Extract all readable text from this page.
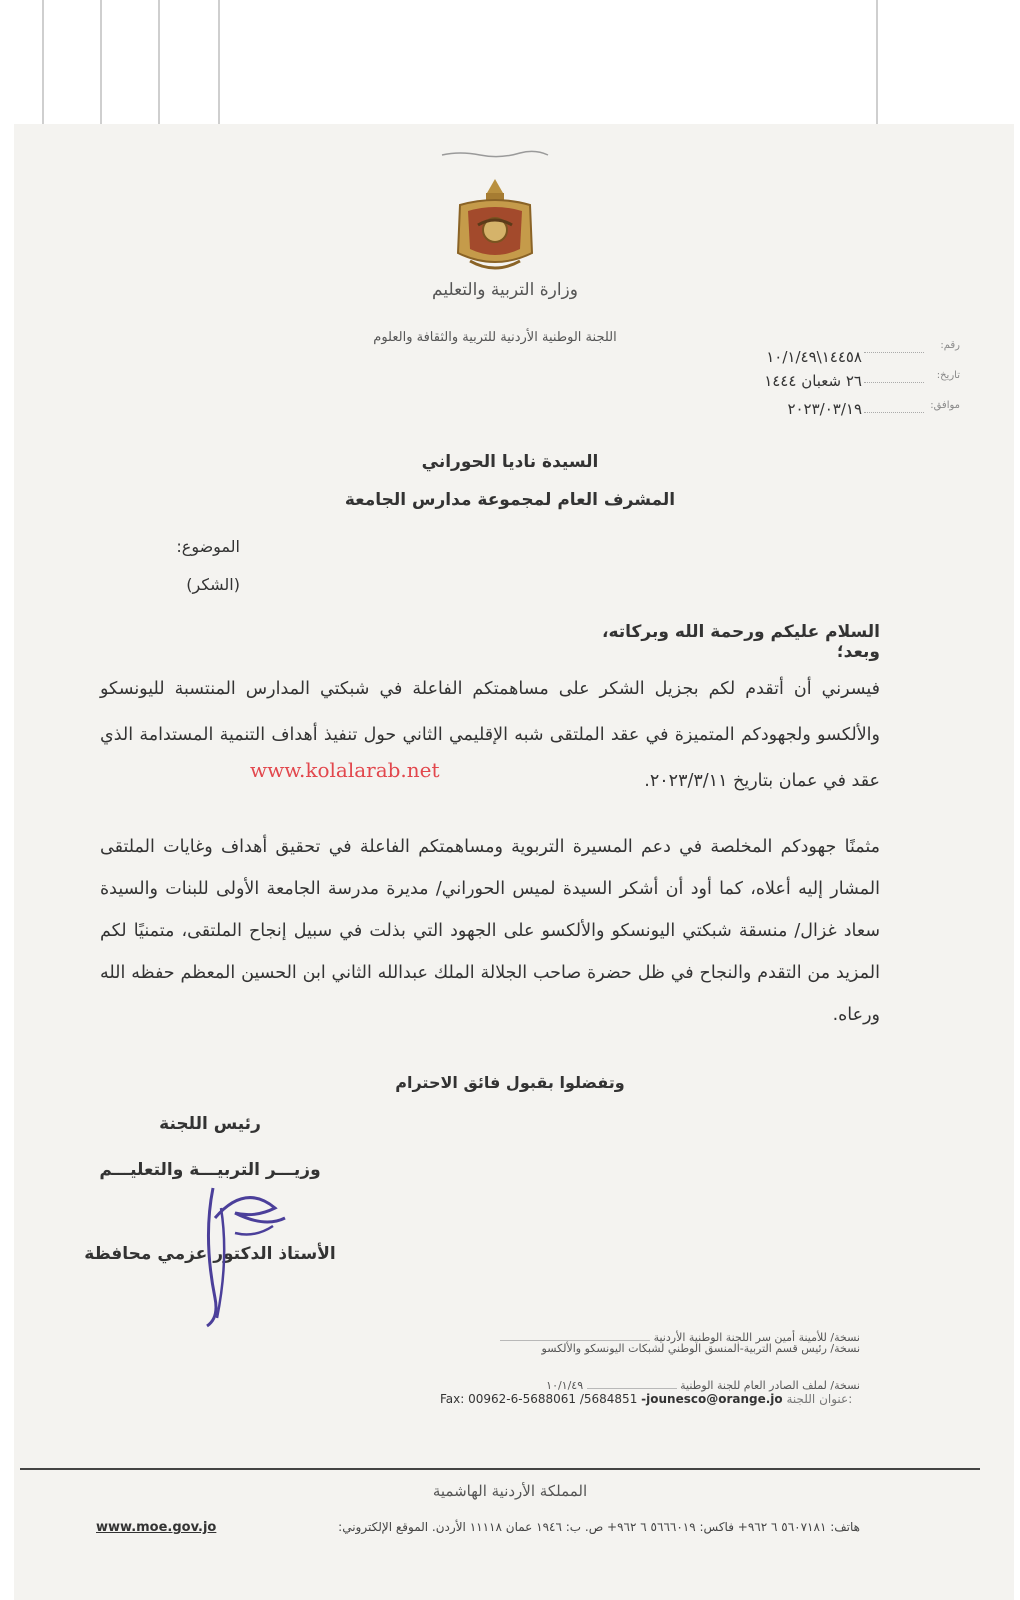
وزارة التربية والتعليم
اللجنة الوطنية الأردنية للتربية والثقافة والعلوم
رقم:
١٤٤٥٨\١٠/١/٤٩
تاريخ:
٢٦ شعبان ١٤٤٤
موافق:
٢٠٢٣/٠٣/١٩
السيدة ناديا الحوراني
المشرف العام لمجموعة مدارس الجامعة
الموضوع:
(الشكر)
السلام عليكم ورحمة الله وبركاته، وبعد؛
فيسرني أن أتقدم لكم بجزيل الشكر على مساهمتكم الفاعلة في شبكتي المدارس المنتسبة لليونسكو والألكسو ولجهودكم المتميزة في عقد الملتقى شبه الإقليمي الثاني حول تنفيذ أهداف التنمية المستدامة الذي عقد في عمان بتاريخ ٢٠٢٣/٣/١١.
www.kolalarab.net
مثمنًا جهودكم المخلصة في دعم المسيرة التربوية ومساهمتكم الفاعلة في تحقيق أهداف وغايات الملتقى المشار إليه أعلاه، كما أود أن أشكر السيدة لميس الحوراني/ مديرة مدرسة الجامعة الأولى للبنات والسيدة سعاد غزال/ منسقة شبكتي اليونسكو والألكسو على الجهود التي بذلت في سبيل إنجاح الملتقى، متمنيًا لكم المزيد من التقدم والنجاح في ظل حضرة صاحب الجلالة الملك عبدالله الثاني ابن الحسين المعظم حفظه الله ورعاه.
وتفضلوا بقبول فائق الاحترام
رئيس اللجنة
وزيـــر التربيـــة والتعليـــم
الأستاذ الدكتور عزمي محافظة
نسخة/ للأمينة أمين سر اللجنة الوطنية الأردنية
نسخة/ رئيس قسم التربية-المنسق الوطني لشبكات اليونسكو والألكسو
نسخة/ لملف الصادر العام للجنة الوطنية  ١٠/١/٤٩
Fax: 00962-6-5688061 /5684851 -jounesco@orange.jo عنوان اللجنة:
المملكة الأردنية الهاشمية
هاتف: ٥٦٠٧١٨١ ٦ ٩٦٢+ فاكس: ٥٦٦٦٠١٩ ٦ ٩٦٢+ ص. ب: ١٩٤٦ عمان ١١١١٨ الأردن. الموقع الإلكتروني:
www.moe.gov.jo
